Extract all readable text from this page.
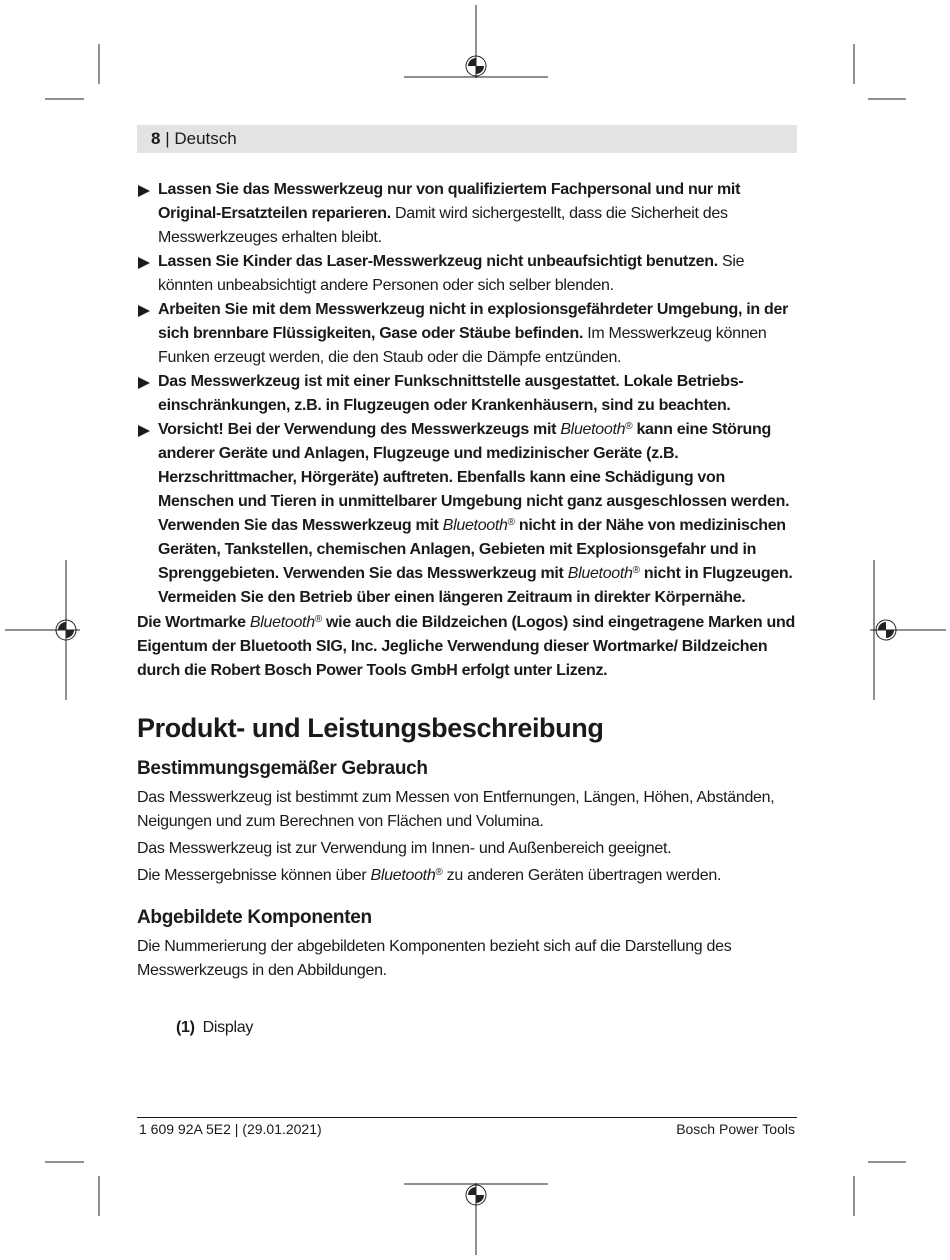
8 | Deutsch

Lassen Sie das Messwerkzeug nur von qualifiziertem Fachpersonal und nur mit Original-Ersatzteilen reparieren. Damit wird sichergestellt, dass die Sicherheit des Messwerkzeuges erhalten bleibt.

Lassen Sie Kinder das Laser-Messwerkzeug nicht unbeaufsichtigt benutzen. Sie könnten unbeabsichtigt andere Personen oder sich selber blenden.

Arbeiten Sie mit dem Messwerkzeug nicht in explosionsgefährdeter Umgebung, in der sich brennbare Flüssigkeiten, Gase oder Stäube befinden. Im Messwerkzeug können Funken erzeugt werden, die den Staub oder die Dämpfe entzünden.

Das Messwerkzeug ist mit einer Funkschnittstelle ausgestattet. Lokale Betriebseinschränkungen, z.B. in Flugzeugen oder Krankenhäusern, sind zu beachten.

Vorsicht! Bei der Verwendung des Messwerkzeugs mit Bluetooth® kann eine Störung anderer Geräte und Anlagen, Flugzeuge und medizinischer Geräte (z.B. Herzschrittmacher, Hörgeräte) auftreten. Ebenfalls kann eine Schädigung von Menschen und Tieren in unmittelbarer Umgebung nicht ganz ausgeschlossen werden. Verwenden Sie das Messwerkzeug mit Bluetooth® nicht in der Nähe von medizinischen Geräten, Tankstellen, chemischen Anlagen, Gebieten mit Explosionsgefahr und in Sprenggebieten. Verwenden Sie das Messwerkzeug mit Bluetooth® nicht in Flugzeugen. Vermeiden Sie den Betrieb über einen längeren Zeitraum in direkter Körpernähe.

Die Wortmarke Bluetooth® wie auch die Bildzeichen (Logos) sind eingetragene Marken und Eigentum der Bluetooth SIG, Inc. Jegliche Verwendung dieser Wortmarke/ Bildzeichen durch die Robert Bosch Power Tools GmbH erfolgt unter Lizenz.

Produkt- und Leistungsbeschreibung
Bestimmungsgemäßer Gebrauch

Das Messwerkzeug ist bestimmt zum Messen von Entfernungen, Längen, Höhen, Abständen, Neigungen und zum Berechnen von Flächen und Volumina.

Das Messwerkzeug ist zur Verwendung im Innen- und Außenbereich geeignet.

Die Messergebnisse können über Bluetooth® zu anderen Geräten übertragen werden.

Abgebildete Komponenten

Die Nummerierung der abgebildeten Komponenten bezieht sich auf die Darstellung des Messwerkzeugs in den Abbildungen.

(1) Display
1 609 92A 5E2 | (29.01.2021)	Bosch Power Tools
